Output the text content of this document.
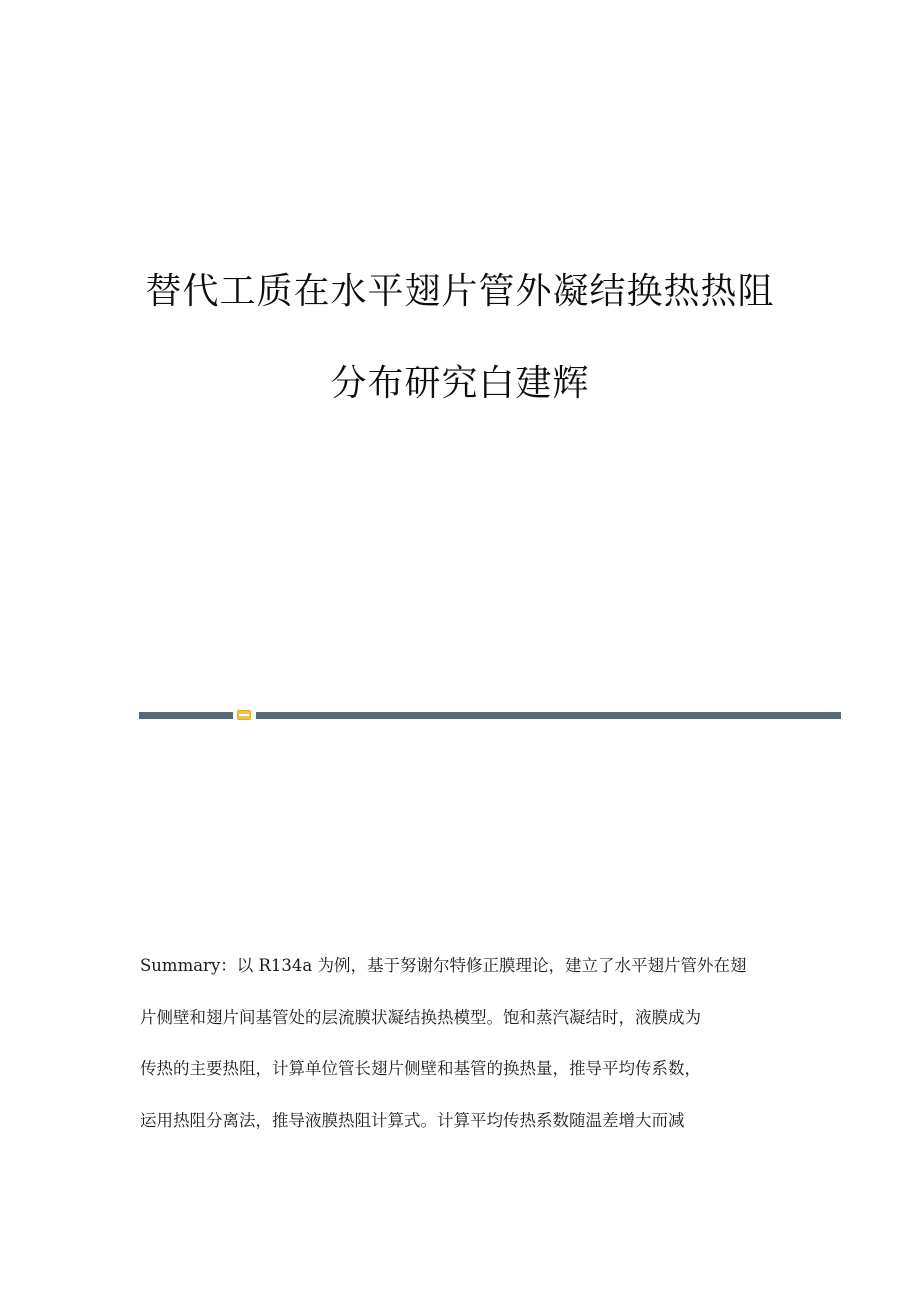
替代工质在水平翅片管外凝结换热热阻
分布研究白建辉
Summary：以 R134a 为例，基于努谢尔特修正膜理论，建立了水平翅片管外在翅
片侧壁和翅片间基管处的层流膜状凝结换热模型。饱和蒸汽凝结时，液膜成为
传热的主要热阻，计算单位管长翅片侧壁和基管的换热量，推导平均传系数，
运用热阻分离法，推导液膜热阻计算式。计算平均传热系数随温差增大而减
